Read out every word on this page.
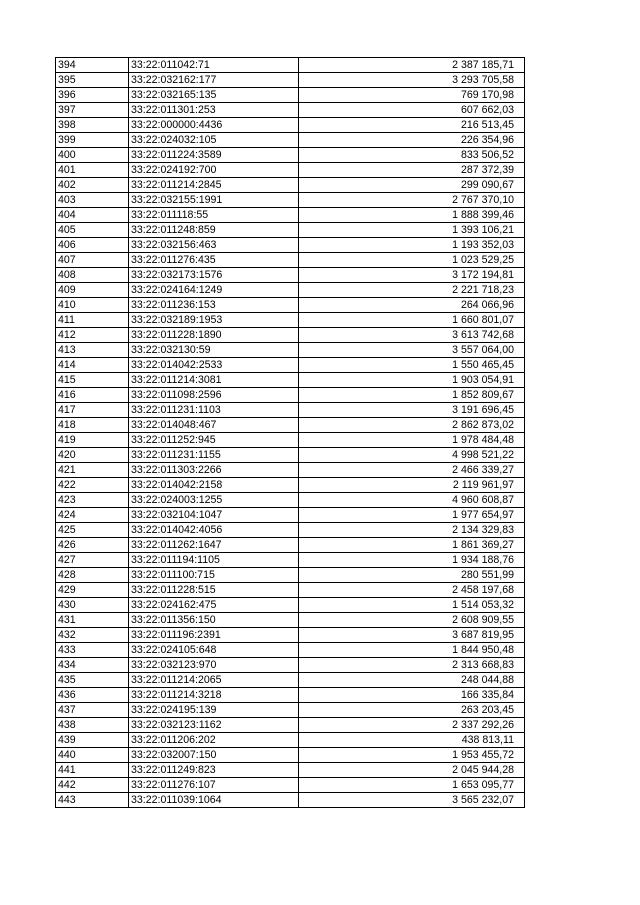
394	33:22:011042:71	2 387 185,71
395	33:22:032162:177	3 293 705,58
396	33:22:032165:135	769 170,98
397	33:22:011301:253	607 662,03
398	33:22:000000:4436	216 513,45
399	33:22:024032:105	226 354,96
400	33:22:011224:3589	833 506,52
401	33:22:024192:700	287 372,39
402	33:22:011214:2845	299 090,67
403	33:22:032155:1991	2 767 370,10
404	33:22:011118:55	1 888 399,46
405	33:22:011248:859	1 393 106,21
406	33:22:032156:463	1 193 352,03
407	33:22:011276:435	1 023 529,25
408	33:22:032173:1576	3 172 194,81
409	33:22:024164:1249	2 221 718,23
410	33:22:011236:153	264 066,96
411	33:22:032189:1953	1 660 801,07
412	33:22:011228:1890	3 613 742,68
413	33:22:032130:59	3 557 064,00
414	33:22:014042:2533	1 550 465,45
415	33:22:011214:3081	1 903 054,91
416	33:22:011098:2596	1 852 809,67
417	33:22:011231:1103	3 191 696,45
418	33:22:014048:467	2 862 873,02
419	33:22:011252:945	1 978 484,48
420	33:22:011231:1155	4 998 521,22
421	33:22:011303:2266	2 466 339,27
422	33:22:014042:2158	2 119 961,97
423	33:22:024003:1255	4 960 608,87
424	33:22:032104:1047	1 977 654,97
425	33:22:014042:4056	2 134 329,83
426	33:22:011262:1647	1 861 369,27
427	33:22:011194:1105	1 934 188,76
428	33:22:011100:715	280 551,99
429	33:22:011228:515	2 458 197,68
430	33:22:024162:475	1 514 053,32
431	33:22:011356:150	2 608 909,55
432	33:22:011196:2391	3 687 819,95
433	33:22:024105:648	1 844 950,48
434	33:22:032123:970	2 313 668,83
435	33:22:011214:2065	248 044,88
436	33:22:011214:3218	166 335,84
437	33:22:024195:139	263 203,45
438	33:22:032123:1162	2 337 292,26
439	33:22:011206:202	438 813,11
440	33:22:032007:150	1 953 455,72
441	33:22:011249:823	2 045 944,28
442	33:22:011276:107	1 653 095,77
443	33:22:011039:1064	3 565 232,07
